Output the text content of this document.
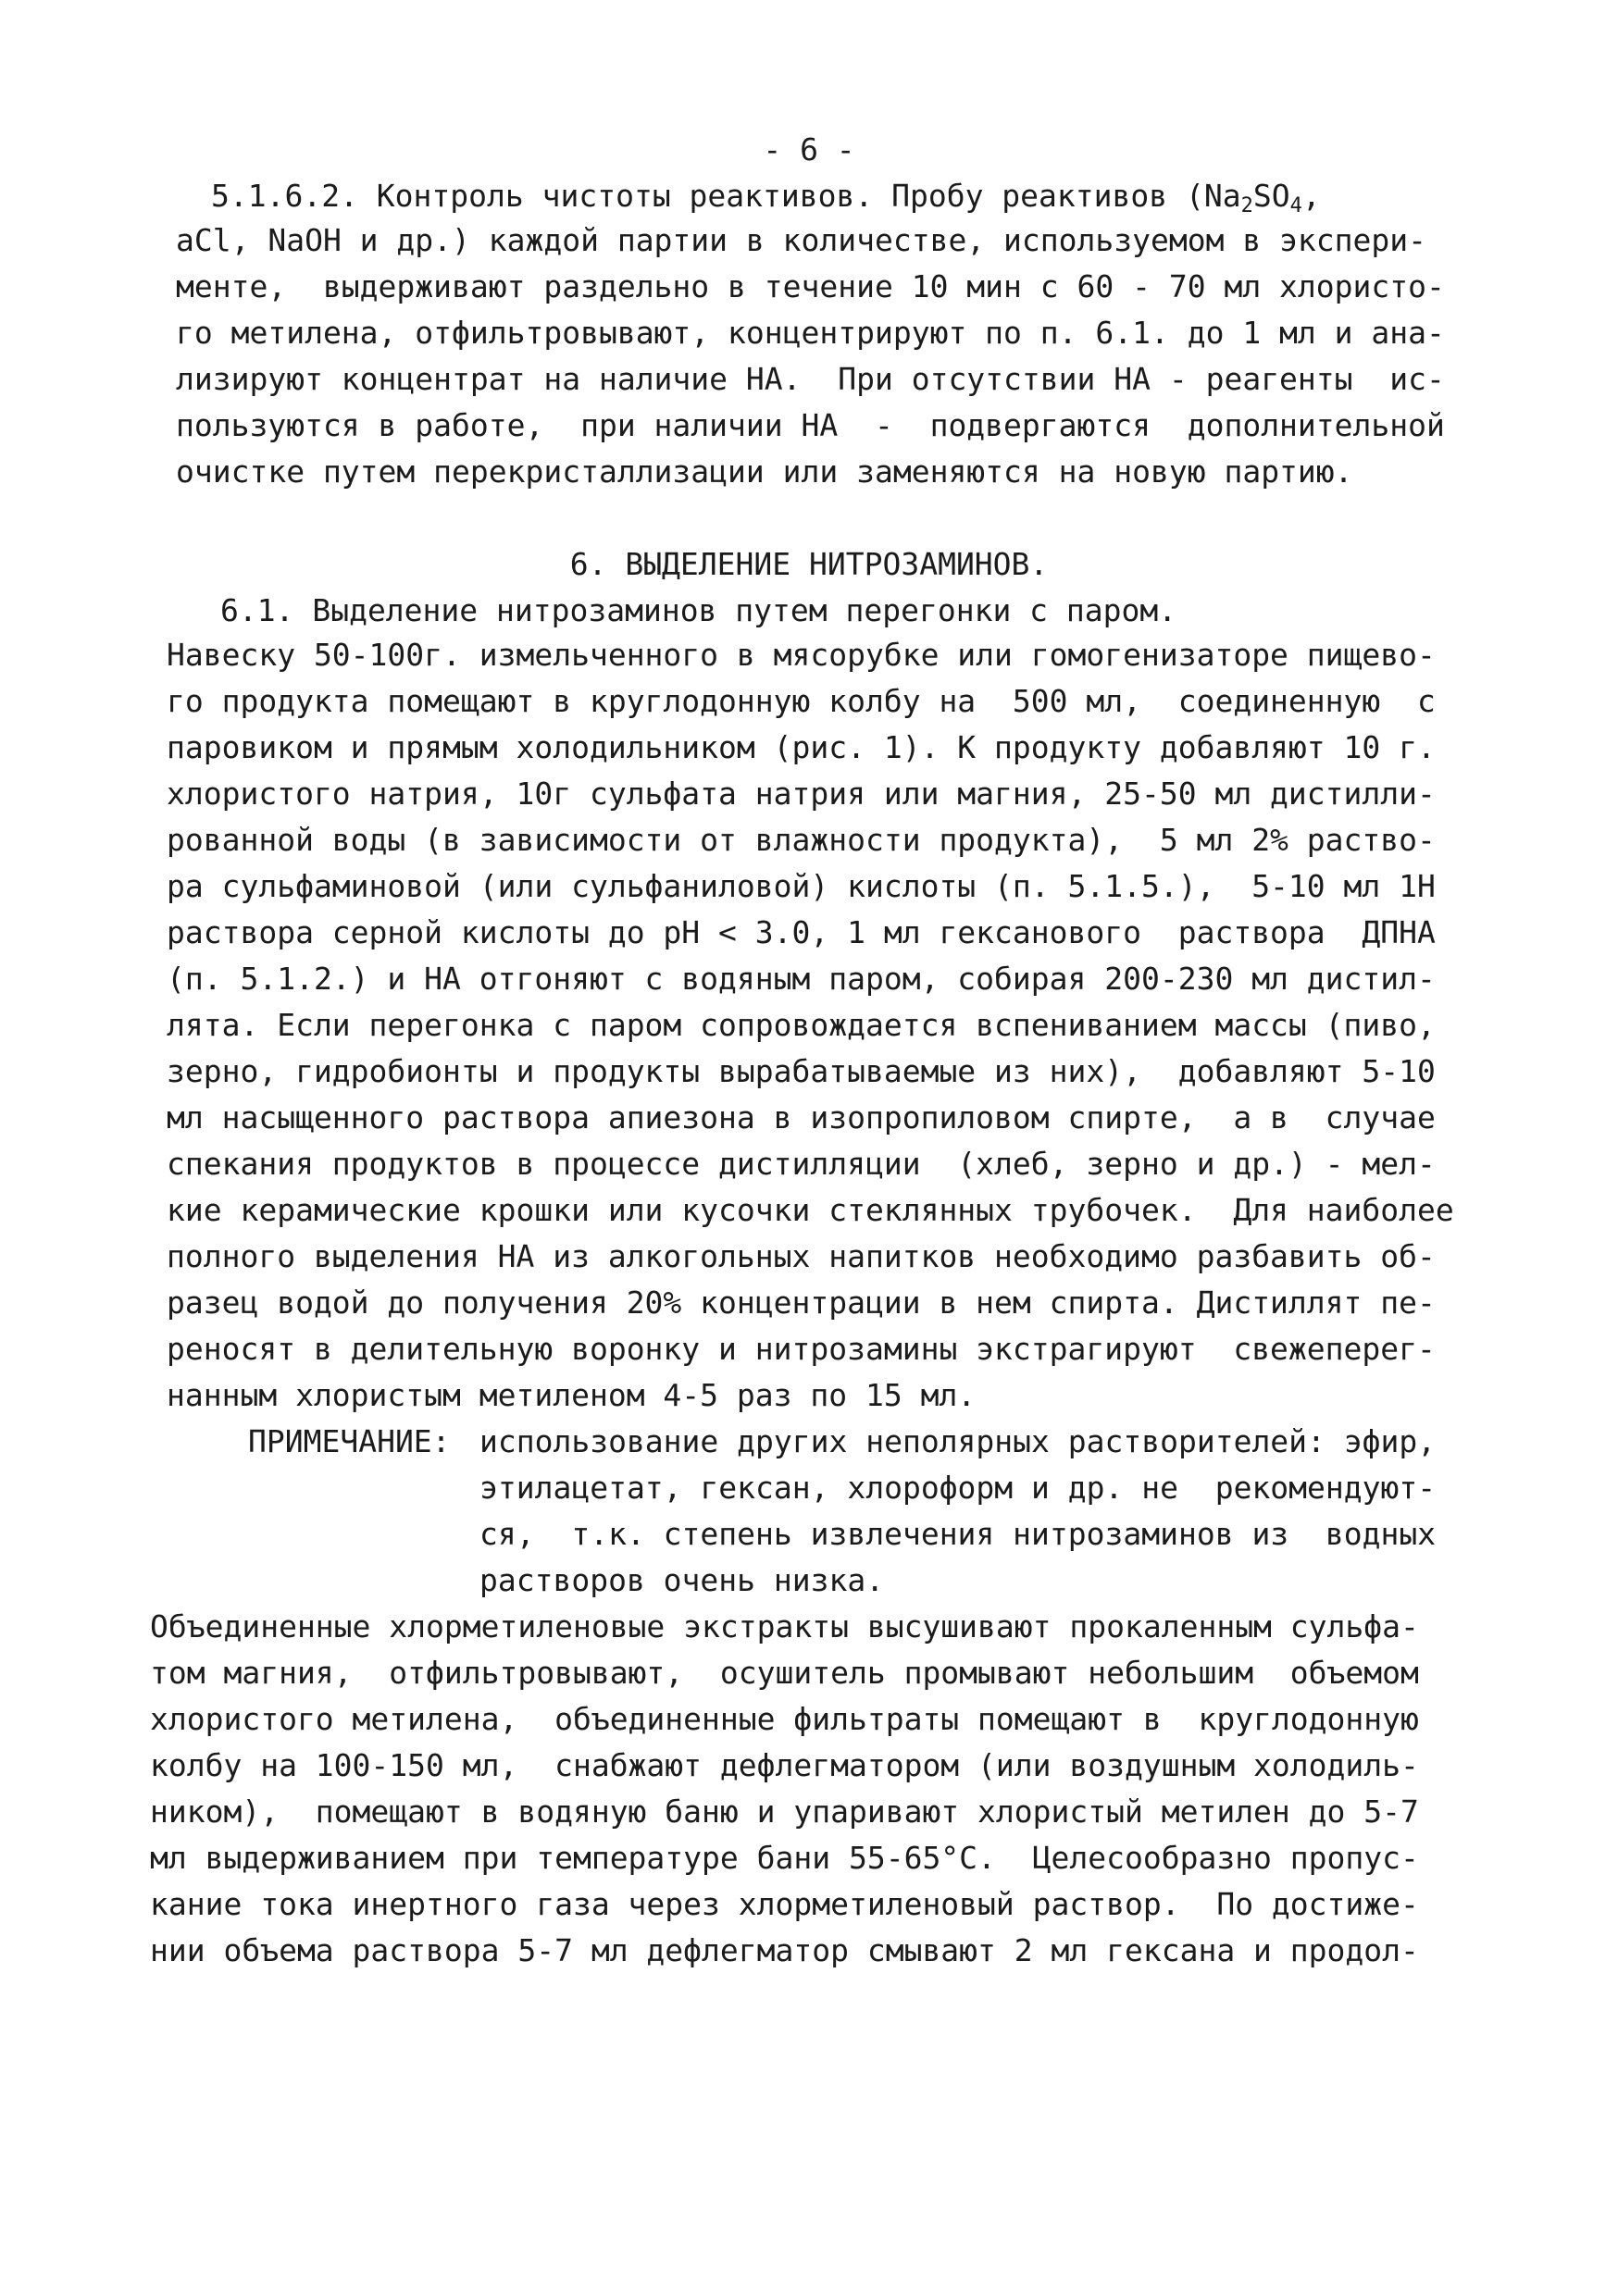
- 6 -

5.1.6.2. Контроль чистоты реактивов. Пробу реактивов ($Na_2SO_4$,

aCl, NaOH и др.) каждой партии в количестве, используемом в экспери-

менте,  выдерживают раздельно в течение 10 мин с 60 - 70 мл хлористо-

го метилена, отфильтровывают, концентрируют по п. 6.1. до 1 мл и ана-

лизируют концентрат на наличие НА.  При отсутствии НА - реагенты  ис-

пользуются в работе,  при наличии НА  -  подвергаются  дополнительной

очистке путем перекристаллизации или заменяются на новую партию.

6. ВЫДЕЛЕНИЕ НИТРОЗАМИНОВ.

6.1. Выделение нитрозаминов путем перегонки с паром.

Навеску 50-100г. измельченного в мясорубке или гомогенизаторе пищево-

го продукта помещают в круглодонную колбу на  500 мл,  соединенную  с

паровиком и прямым холодильником (рис. 1). К продукту добавляют 10 г.

хлористого натрия, 10г сульфата натрия или магния, 25-50 мл дистилли-

рованной воды (в зависимости от влажности продукта),  5 мл 2% раство-

ра сульфаминовой (или сульфаниловой) кислоты (п. 5.1.5.),  5-10 мл 1Н

раствора серной кислоты до pH < 3.0, 1 мл гексанового  раствора  ДПНА

(п. 5.1.2.) и НА отгоняют с водяным паром, собирая 200-230 мл дистил-

лята. Если перегонка с паром сопровождается вспениванием массы (пиво,

зерно, гидробионты и продукты вырабатываемые из них),  добавляют 5-10

мл насыщенного раствора апиезона в изопропиловом спирте,  а в  случае

спекания продуктов в процессе дистилляции  (хлеб, зерно и др.) - мел-

кие керамические крошки или кусочки стеклянных трубочек.  Для наиболее

полного выделения НА из алкогольных напитков необходимо разбавить об-

разец водой до получения 20% концентрации в нем спирта. Дистиллят пе-

реносят в делительную воронку и нитрозамины экстрагируют  свежеперег-

нанным хлористым метиленом 4-5 раз по 15 мл.

ПРИМЕЧАНИЕ: использование других неполярных растворителей: эфир,

этилацетат, гексан, хлороформ и др. не  рекомендуют-

ся,  т.к. степень извлечения нитрозаминов из  водных

растворов очень низка.

Объединенные хлорметиленовые экстракты высушивают прокаленным сульфа-

том магния,  отфильтровывают,  осушитель промывают небольшим  объемом

хлористого метилена,  объединенные фильтраты помещают в  круглодонную

колбу на 100-150 мл,  снабжают дефлегматором (или воздушным холодиль-

ником),  помещают в водяную баню и упаривают хлористый метилен до 5-7

мл выдерживанием при температуре бани 55-65°С.  Целесообразно пропус-

кание тока инертного газа через хлорметиленовый раствор.  По достиже-

нии объема раствора 5-7 мл дефлегматор смывают 2 мл гексана и продол-
